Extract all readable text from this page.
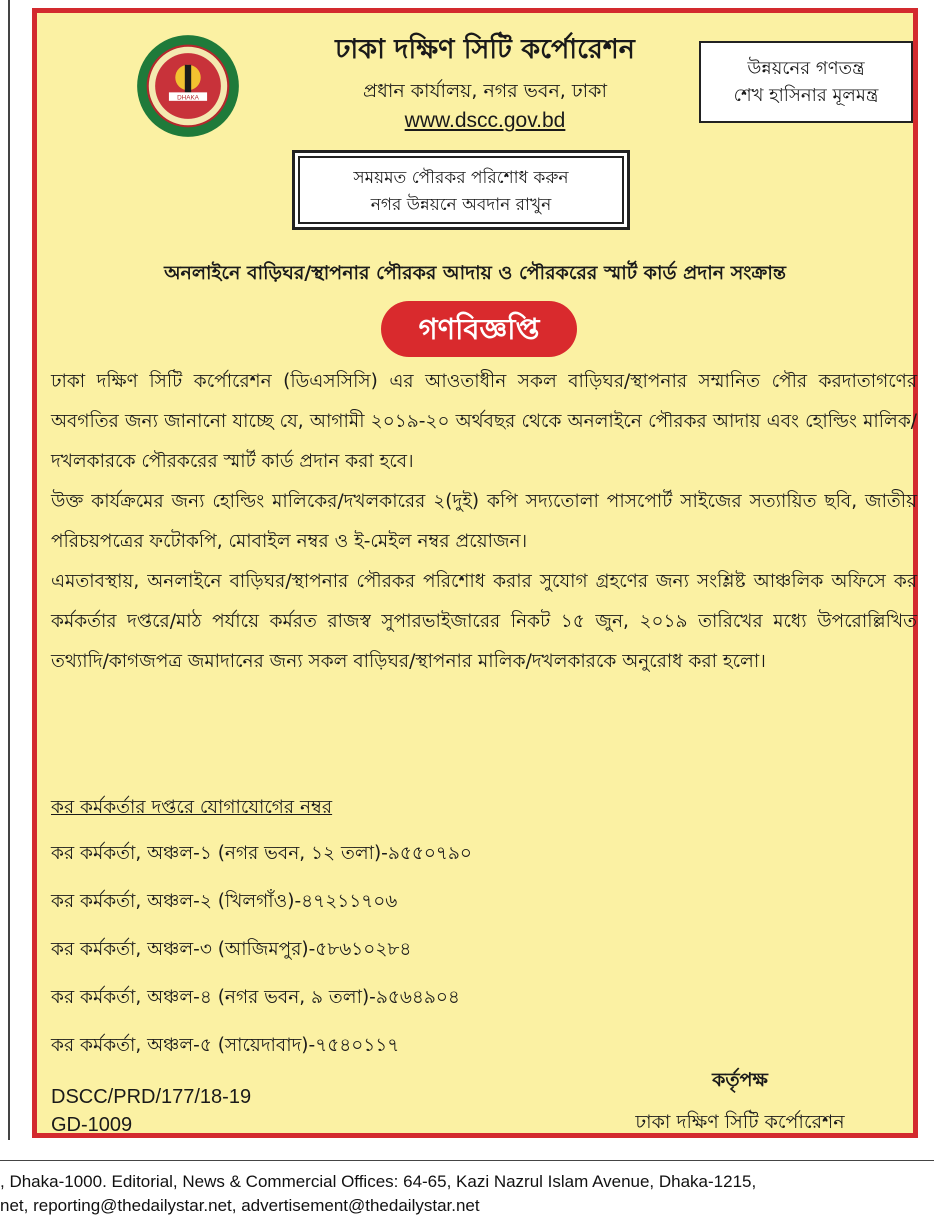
DHAKA
ঢাকা দক্ষিণ সিটি কর্পোরেশন
প্রধান কার্যালয়, নগর ভবন, ঢাকা
www.dscc.gov.bd
উন্নয়নের গণতন্ত্র
শেখ হাসিনার মূলমন্ত্র
সময়মত পৌরকর পরিশোধ করুন
নগর উন্নয়নে অবদান রাখুন
অনলাইনে বাড়িঘর/স্থাপনার পৌরকর আদায় ও পৌরকরের স্মার্ট কার্ড প্রদান সংক্রান্ত
গণবিজ্ঞপ্তি

ঢাকা দক্ষিণ সিটি কর্পোরেশন (ডিএসসিসি) এর আওতাধীন সকল বাড়িঘর/স্থাপনার সম্মানিত পৌর করদাতাগণের অবগতির জন্য জানানো যাচ্ছে যে, আগামী ২০১৯-২০ অর্থবছর থেকে অনলাইনে পৌরকর আদায় এবং হোল্ডিং মালিক/দখলকারকে পৌরকরের স্মার্ট কার্ড প্রদান করা হবে।

উক্ত কার্যক্রমের জন্য হোল্ডিং মালিকের/দখলকারের ২(দুই) কপি সদ্যতোলা পাসপোর্ট সাইজের সত্যায়িত ছবি, জাতীয় পরিচয়পত্রের ফটোকপি, মোবাইল নম্বর ও ই-মেইল নম্বর প্রয়োজন।

এমতাবস্থায়, অনলাইনে বাড়িঘর/স্থাপনার পৌরকর পরিশোধ করার সুযোগ গ্রহণের জন্য সংশ্লিষ্ট আঞ্চলিক অফিসে কর কর্মকর্তার দপ্তরে/মাঠ পর্যায়ে কর্মরত রাজস্ব সুপারভাইজারের নিকট ১৫ জুন, ২০১৯ তারিখের মধ্যে উপরোল্লিখিত তথ্যাদি/কাগজপত্র জমাদানের জন্য সকল বাড়িঘর/স্থাপনার মালিক/দখলকারকে অনুরোধ করা হলো।

কর কর্মকর্তার দপ্তরে যোগাযোগের নম্বর
কর কর্মকর্তা, অঞ্চল-১ (নগর ভবন, ১২ তলা)-৯৫৫০৭৯০
কর কর্মকর্তা, অঞ্চল-২ (খিলগাঁও)-৪৭২১১৭০৬
কর কর্মকর্তা, অঞ্চল-৩ (আজিমপুর)-৫৮৬১০২৮৪
কর কর্মকর্তা, অঞ্চল-৪ (নগর ভবন, ৯ তলা)-৯৫৬৪৯০৪
কর কর্মকর্তা, অঞ্চল-৫ (সায়েদাবাদ)-৭৫৪০১১৭
DSCC/PRD/177/18-19
GD-1009
কর্তৃপক্ষ
ঢাকা দক্ষিণ সিটি কর্পোরেশন
, Dhaka-1000. Editorial, News & Commercial Offices: 64-65, Kazi Nazrul Islam Avenue, Dhaka-1215,
net, reporting@thedailystar.net, advertisement@thedailystar.net
